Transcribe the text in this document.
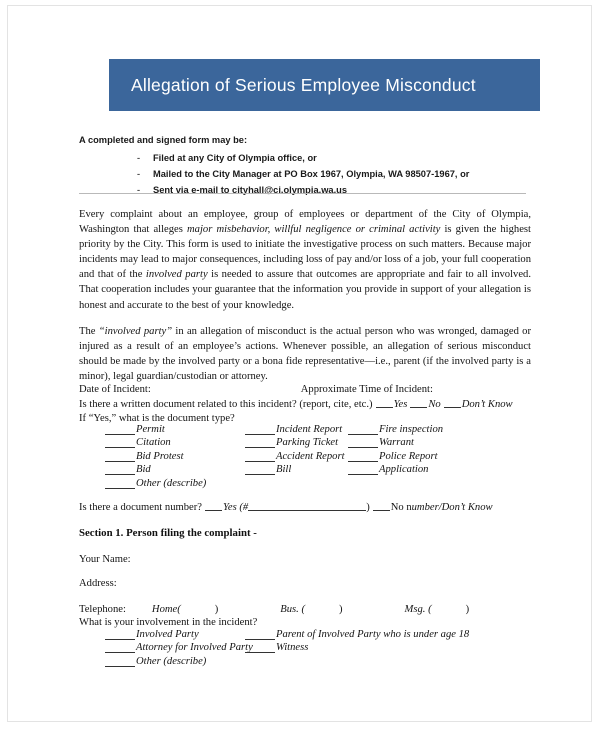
Allegation of Serious Employee Misconduct

A completed and signed form may be:

-	Filed at any City of Olympia office, or
-	Mailed to the City Manager at PO Box 1967, Olympia, WA 98507-1967, or
-	Sent via e-mail to cityhall@ci.olympia.wa.us

Every complaint about an employee, group of employees or department of the City of Olympia, Washington that alleges major misbehavior, willful negligence or criminal activity is given the highest priority by the City. This form is used to initiate the investigative process on such matters. Because major incidents may lead to major consequences, including loss of pay and/or loss of a job, your full cooperation and that of the involved party is needed to assure that outcomes are appropriate and fair to all involved. That cooperation includes your guarantee that the information you provide in support of your allegation is honest and accurate to the best of your knowledge.

The “involved party” in an allegation of misconduct is the actual person who was wronged, damaged or injured as a result of an employee’s actions. Whenever possible, an allegation of serious misconduct should be made by the involved party or a bona fide representative—i.e., parent (if the involved party is a minor), legal guardian/custodian or attorney.

Date of Incident:	Approximate Time of Incident:
Is there a written document related to this incident? (report, cite, etc.) Yes No Don’t Know
If “Yes,” what is the document type?
Permit	Incident Report	Fire inspection
Citation	Parking Ticket	Warrant
Bid Protest	Accident Report	Police Report
Bid	Bill	Application
Other (describe)
Is there a document number? Yes (#	) No number/Don’t Know
Section 1. Person filing the complaint -
Your Name:
Address:
Telephone: Home(	)	Bus. (	)	Msg. (	)
What is your involvement in the incident?
Involved Party	Parent of Involved Party who is under age 18
Attorney for Involved Party Witness
Other (describe)
